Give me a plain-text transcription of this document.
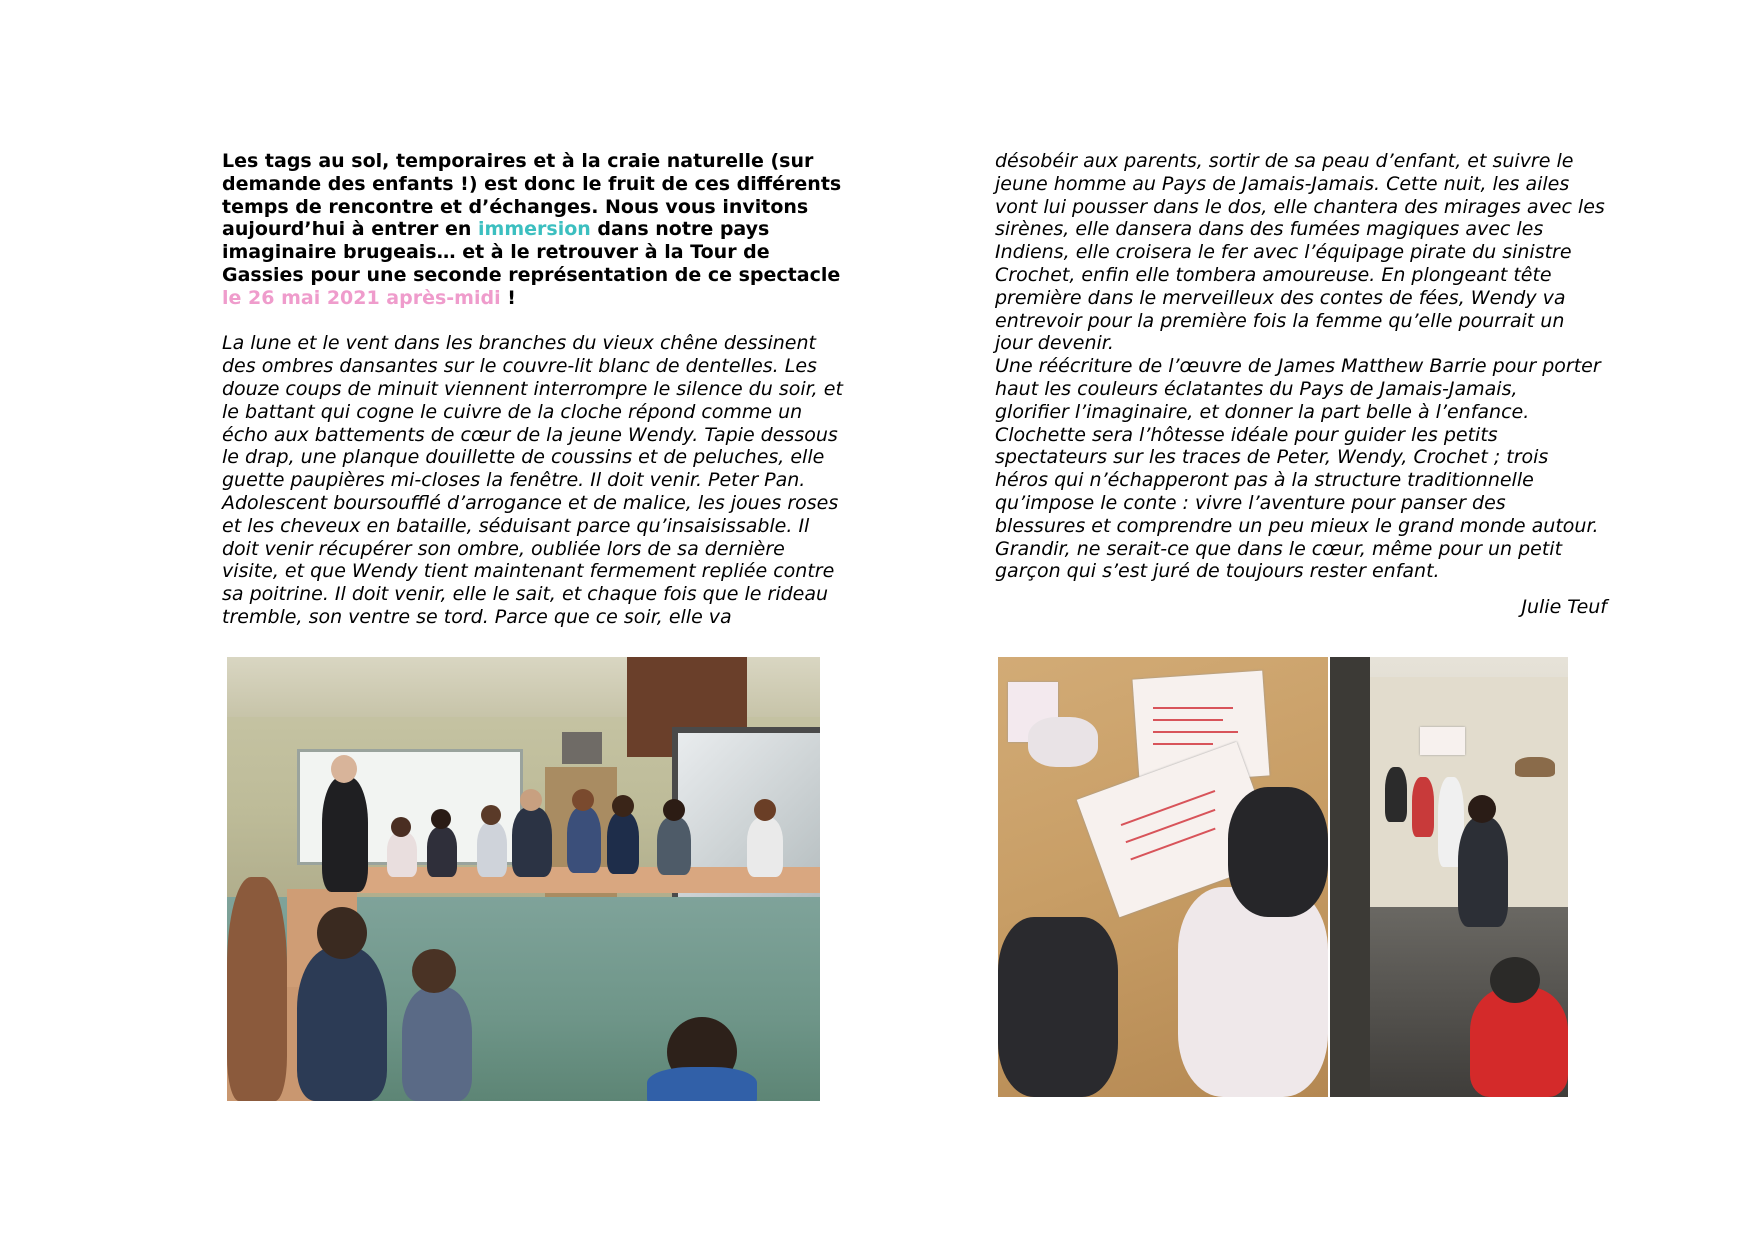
Les tags au sol, temporaires et à la craie naturelle (sur
demande des enfants !) est donc le fruit de ces différents
temps de rencontre et d’échanges. Nous vous invitons
aujourd’hui à entrer en immersion dans notre pays
imaginaire brugeais… et à le retrouver à la Tour de
Gassies pour une seconde représentation de ce spectacle
le 26 mai 2021 après-midi !
La lune et le vent dans les branches du vieux chêne dessinent
des ombres dansantes sur le couvre-lit blanc de dentelles. Les
douze coups de minuit viennent interrompre le silence du soir, et
le battant qui cogne le cuivre de la cloche répond comme un
écho aux battements de cœur de la jeune Wendy. Tapie dessous
le drap, une planque douillette de coussins et de peluches, elle
guette paupières mi-closes la fenêtre. Il doit venir. Peter Pan.
Adolescent boursoufflé d’arrogance et de malice, les joues roses
et les cheveux en bataille, séduisant parce qu’insaisissable. Il
doit venir récupérer son ombre, oubliée lors de sa dernière
visite, et que Wendy tient maintenant fermement repliée contre
sa poitrine. Il doit venir, elle le sait, et chaque fois que le rideau
tremble, son ventre se tord. Parce que ce soir, elle va
désobéir aux parents, sortir de sa peau d’enfant, et suivre le
jeune homme au Pays de Jamais-Jamais. Cette nuit, les ailes
vont lui pousser dans le dos, elle chantera des mirages avec les
sirènes, elle dansera dans des fumées magiques avec les
Indiens, elle croisera le fer avec l’équipage pirate du sinistre
Crochet, enfin elle tombera amoureuse. En plongeant tête
première dans le merveilleux des contes de fées, Wendy va
entrevoir pour la première fois la femme qu’elle pourrait un
jour devenir.
Une réécriture de l’œuvre de James Matthew Barrie pour porter
haut les couleurs éclatantes du Pays de Jamais-Jamais,
glorifier l’imaginaire, et donner la part belle à l’enfance.
Clochette sera l’hôtesse idéale pour guider les petits
spectateurs sur les traces de Peter, Wendy, Crochet ; trois
héros qui n’échapperont pas à la structure traditionnelle
qu’impose le conte : vivre l’aventure pour panser des
blessures et comprendre un peu mieux le grand monde autour.
Grandir, ne serait-ce que dans le cœur, même pour un petit
garçon qui s’est juré de toujours rester enfant.
Julie Teuf
